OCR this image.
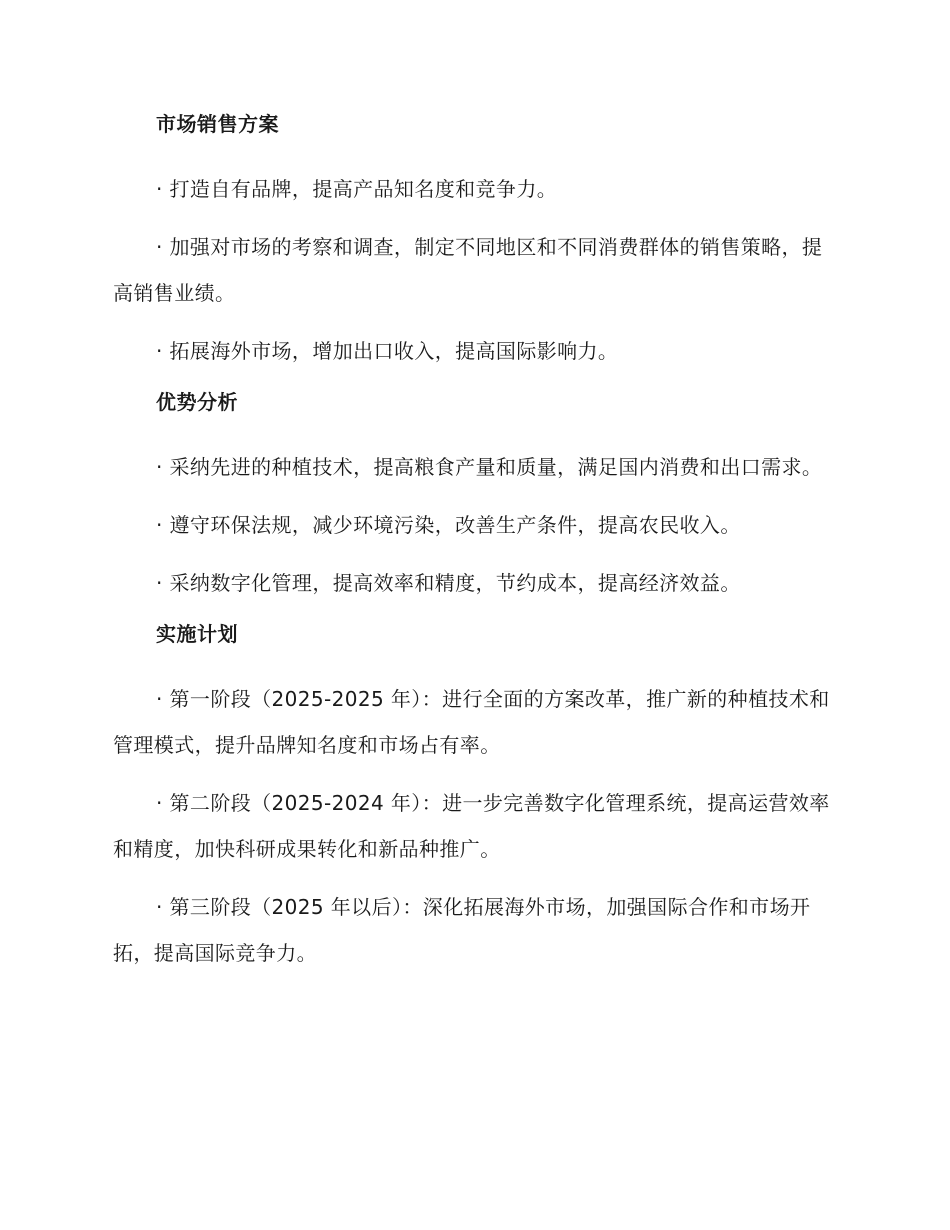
市场销售方案

· 打造自有品牌，提高产品知名度和竞争力。

· 加强对市场的考察和调查，制定不同地区和不同消费群体的销售策略，提高销售业绩。

· 拓展海外市场，增加出口收入，提高国际影响力。

优势分析

· 采纳先进的种植技术，提高粮食产量和质量，满足国内消费和出口需求。

· 遵守环保法规，减少环境污染，改善生产条件，提高农民收入。

· 采纳数字化管理，提高效率和精度，节约成本，提高经济效益。

实施计划

· 第一阶段（2025-2025 年）：进行全面的方案改革，推广新的种植技术和管理模式，提升品牌知名度和市场占有率。

· 第二阶段（2025-2024 年）：进一步完善数字化管理系统，提高运营效率和精度，加快科研成果转化和新品种推广。

· 第三阶段（2025 年以后）：深化拓展海外市场，加强国际合作和市场开拓，提高国际竞争力。
